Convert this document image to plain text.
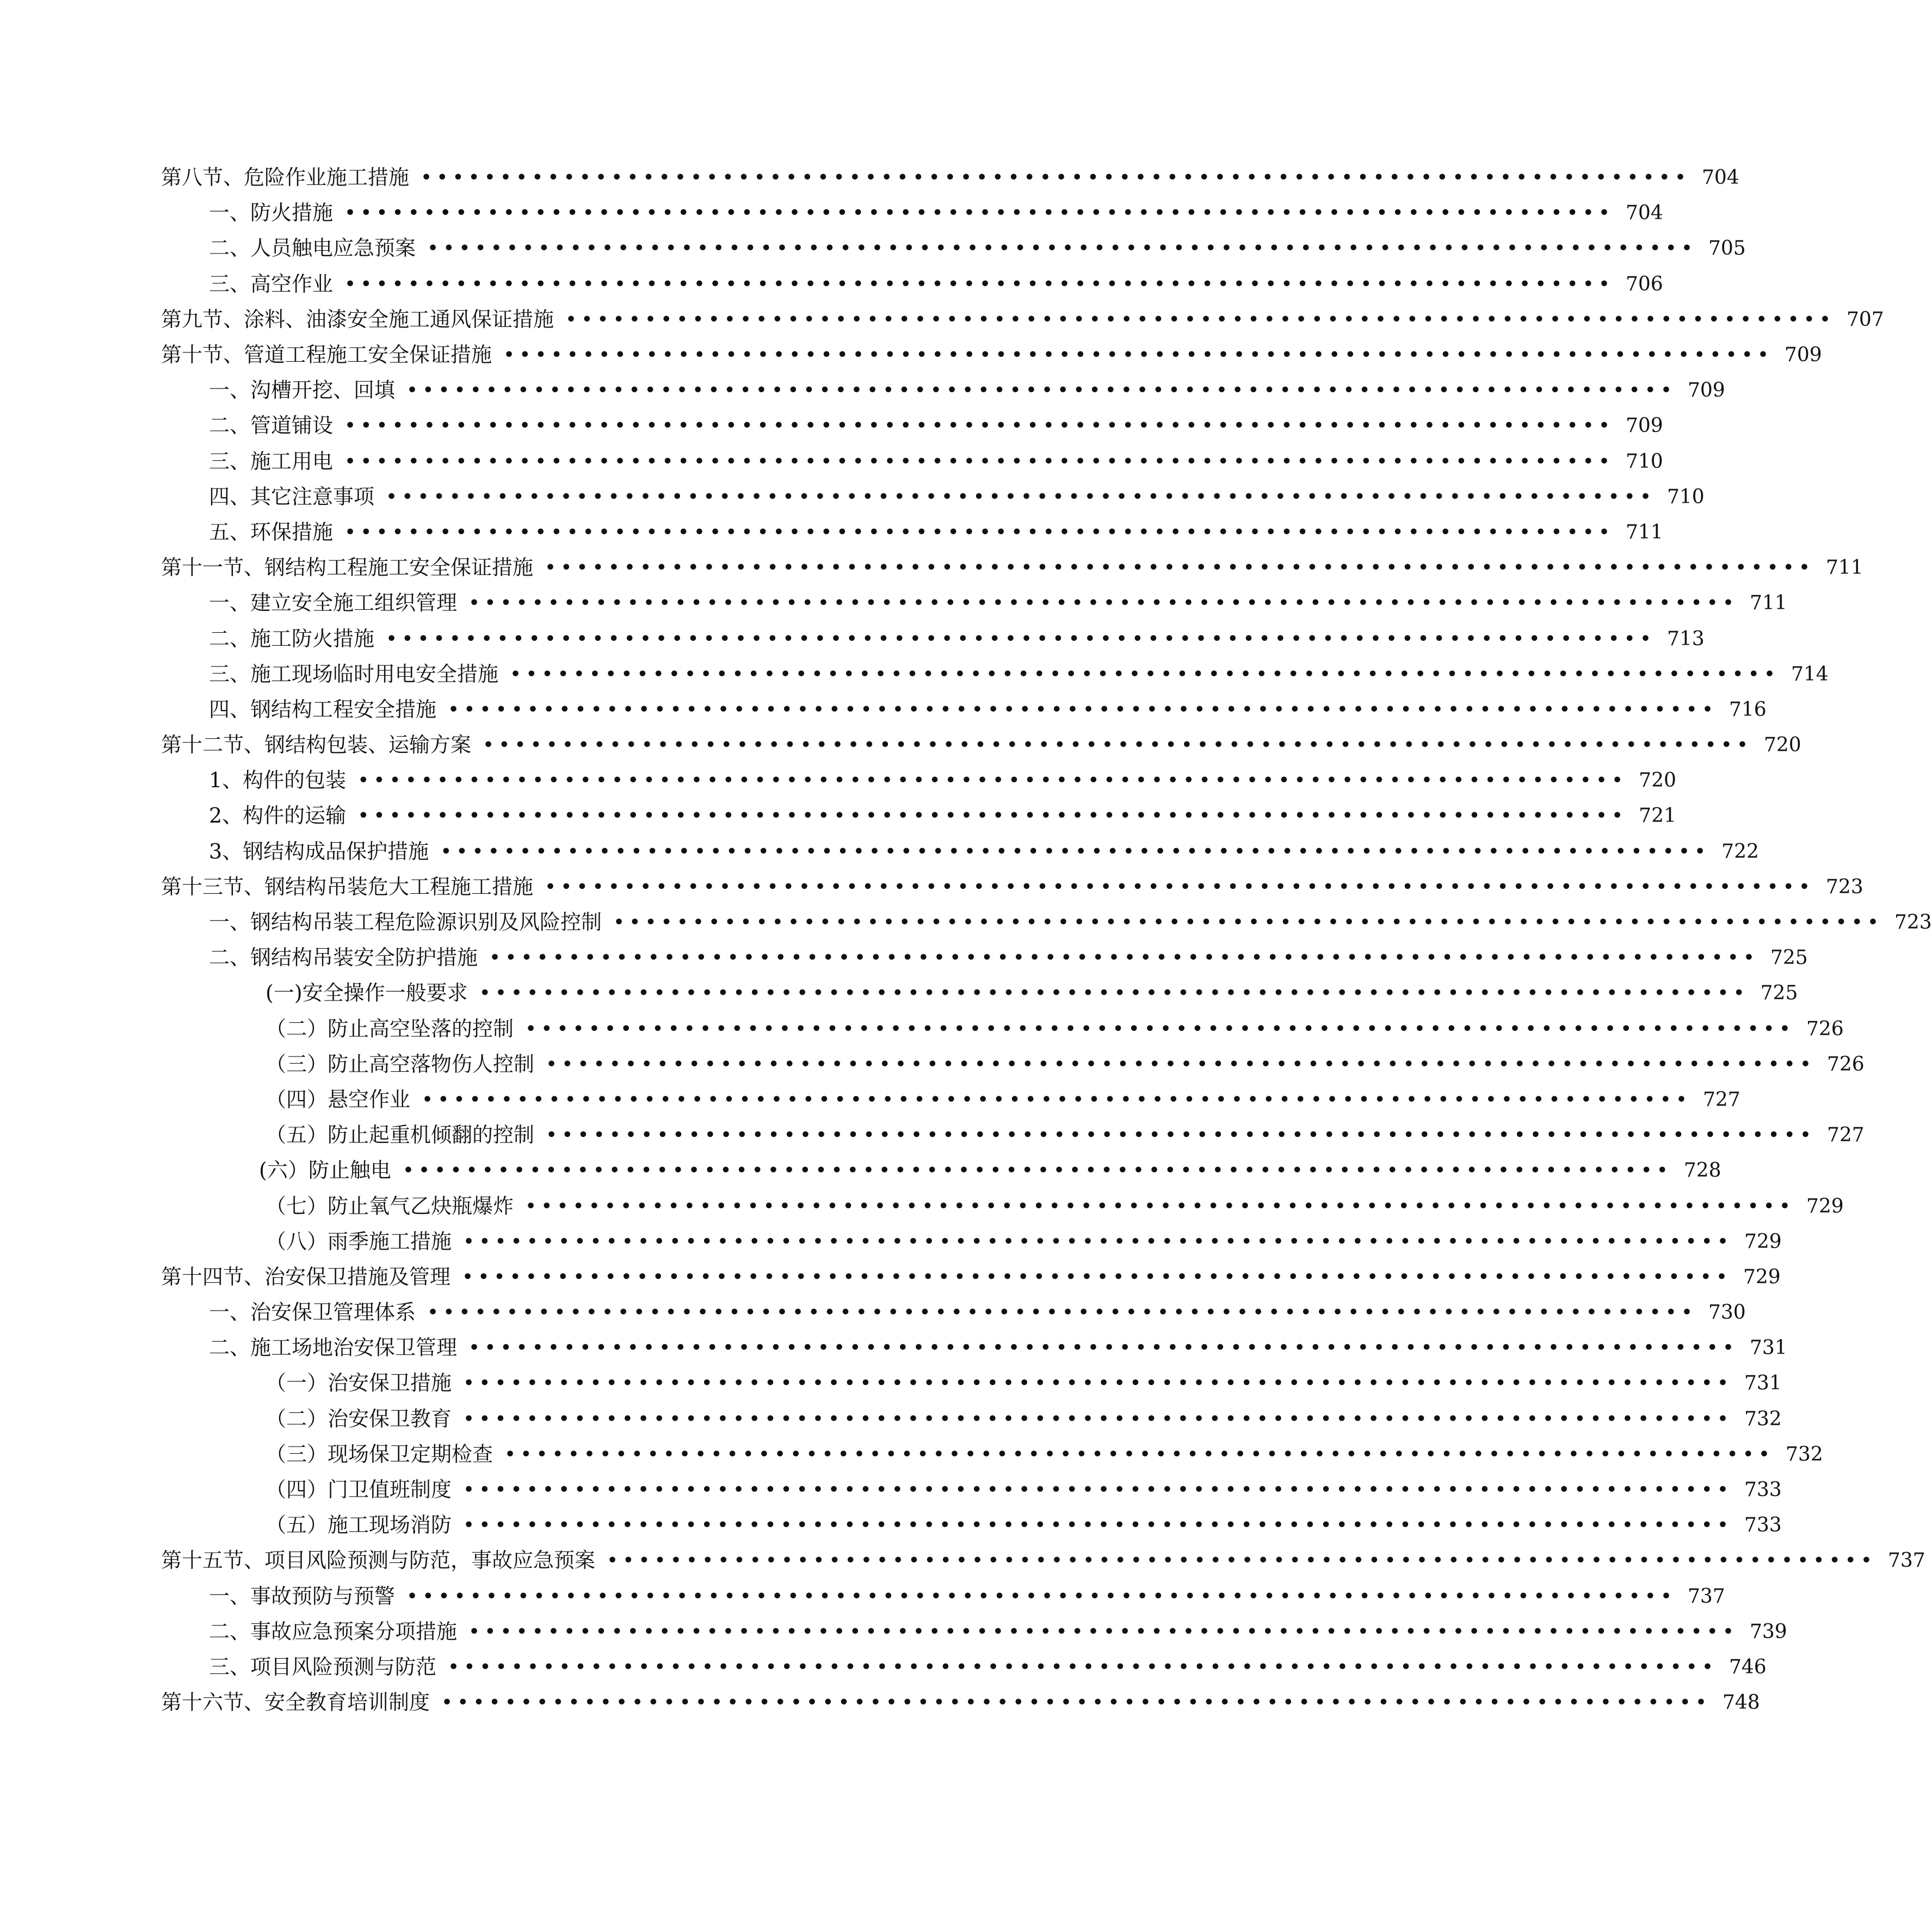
第八节、危险作业施工措施 •••••••••••••••••••••••••••••••••••••••••••••••••••••••••••••••••••••••••••••••• 704
一、防火措施 •••••••••••••••••••••••••••••••••••••••••••••••••••••••••••••••••••••••••••••••• 704
二、人员触电应急预案 •••••••••••••••••••••••••••••••••••••••••••••••••••••••••••••••••••••••••••••••• 705
三、高空作业 •••••••••••••••••••••••••••••••••••••••••••••••••••••••••••••••••••••••••••••••• 706
第九节、涂料、油漆安全施工通风保证措施 •••••••••••••••••••••••••••••••••••••••••••••••••••••••••••••••••••••••••••••••• 707
第十节、管道工程施工安全保证措施 •••••••••••••••••••••••••••••••••••••••••••••••••••••••••••••••••••••••••••••••• 709
一、沟槽开挖、回填 •••••••••••••••••••••••••••••••••••••••••••••••••••••••••••••••••••••••••••••••• 709
二、管道铺设 •••••••••••••••••••••••••••••••••••••••••••••••••••••••••••••••••••••••••••••••• 709
三、施工用电 •••••••••••••••••••••••••••••••••••••••••••••••••••••••••••••••••••••••••••••••• 710
四、其它注意事项 •••••••••••••••••••••••••••••••••••••••••••••••••••••••••••••••••••••••••••••••• 710
五、环保措施 •••••••••••••••••••••••••••••••••••••••••••••••••••••••••••••••••••••••••••••••• 711
第十一节、钢结构工程施工安全保证措施 •••••••••••••••••••••••••••••••••••••••••••••••••••••••••••••••••••••••••••••••• 711
一、建立安全施工组织管理 •••••••••••••••••••••••••••••••••••••••••••••••••••••••••••••••••••••••••••••••• 711
二、施工防火措施 •••••••••••••••••••••••••••••••••••••••••••••••••••••••••••••••••••••••••••••••• 713
三、施工现场临时用电安全措施 •••••••••••••••••••••••••••••••••••••••••••••••••••••••••••••••••••••••••••••••• 714
四、钢结构工程安全措施 •••••••••••••••••••••••••••••••••••••••••••••••••••••••••••••••••••••••••••••••• 716
第十二节、钢结构包装、运输方案 •••••••••••••••••••••••••••••••••••••••••••••••••••••••••••••••••••••••••••••••• 720
1、构件的包装 •••••••••••••••••••••••••••••••••••••••••••••••••••••••••••••••••••••••••••••••• 720
2、构件的运输 •••••••••••••••••••••••••••••••••••••••••••••••••••••••••••••••••••••••••••••••• 721
3、钢结构成品保护措施 •••••••••••••••••••••••••••••••••••••••••••••••••••••••••••••••••••••••••••••••• 722
第十三节、钢结构吊装危大工程施工措施 •••••••••••••••••••••••••••••••••••••••••••••••••••••••••••••••••••••••••••••••• 723
一、钢结构吊装工程危险源识别及风险控制 •••••••••••••••••••••••••••••••••••••••••••••••••••••••••••••••••••••••••••••••• 723
二、钢结构吊装安全防护措施 •••••••••••••••••••••••••••••••••••••••••••••••••••••••••••••••••••••••••••••••• 725
(一)安全操作一般要求 •••••••••••••••••••••••••••••••••••••••••••••••••••••••••••••••••••••••••••••••• 725
（二）防止高空坠落的控制 •••••••••••••••••••••••••••••••••••••••••••••••••••••••••••••••••••••••••••••••• 726
（三）防止高空落物伤人控制 •••••••••••••••••••••••••••••••••••••••••••••••••••••••••••••••••••••••••••••••• 726
（四）悬空作业 •••••••••••••••••••••••••••••••••••••••••••••••••••••••••••••••••••••••••••••••• 727
（五）防止起重机倾翻的控制 •••••••••••••••••••••••••••••••••••••••••••••••••••••••••••••••••••••••••••••••• 727
(六）防止触电 •••••••••••••••••••••••••••••••••••••••••••••••••••••••••••••••••••••••••••••••• 728
（七）防止氧气乙炔瓶爆炸 •••••••••••••••••••••••••••••••••••••••••••••••••••••••••••••••••••••••••••••••• 729
（八）雨季施工措施 •••••••••••••••••••••••••••••••••••••••••••••••••••••••••••••••••••••••••••••••• 729
第十四节、治安保卫措施及管理 •••••••••••••••••••••••••••••••••••••••••••••••••••••••••••••••••••••••••••••••• 729
一、治安保卫管理体系 •••••••••••••••••••••••••••••••••••••••••••••••••••••••••••••••••••••••••••••••• 730
二、施工场地治安保卫管理 •••••••••••••••••••••••••••••••••••••••••••••••••••••••••••••••••••••••••••••••• 731
（一）治安保卫措施 •••••••••••••••••••••••••••••••••••••••••••••••••••••••••••••••••••••••••••••••• 731
（二）治安保卫教育 •••••••••••••••••••••••••••••••••••••••••••••••••••••••••••••••••••••••••••••••• 732
（三）现场保卫定期检查 •••••••••••••••••••••••••••••••••••••••••••••••••••••••••••••••••••••••••••••••• 732
（四）门卫值班制度 •••••••••••••••••••••••••••••••••••••••••••••••••••••••••••••••••••••••••••••••• 733
（五）施工现场消防 •••••••••••••••••••••••••••••••••••••••••••••••••••••••••••••••••••••••••••••••• 733
第十五节、项目风险预测与防范，事故应急预案 •••••••••••••••••••••••••••••••••••••••••••••••••••••••••••••••••••••••••••••••• 737
一、事故预防与预警 •••••••••••••••••••••••••••••••••••••••••••••••••••••••••••••••••••••••••••••••• 737
二、事故应急预案分项措施 •••••••••••••••••••••••••••••••••••••••••••••••••••••••••••••••••••••••••••••••• 739
三、项目风险预测与防范 •••••••••••••••••••••••••••••••••••••••••••••••••••••••••••••••••••••••••••••••• 746
第十六节、安全教育培训制度 •••••••••••••••••••••••••••••••••••••••••••••••••••••••••••••••••••••••••••••••• 748
